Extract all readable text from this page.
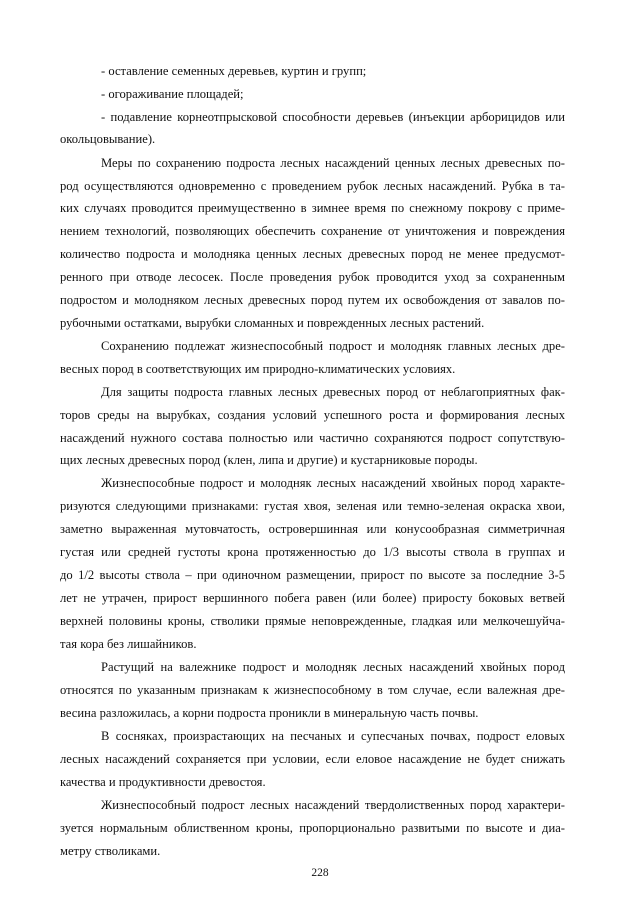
- оставление семенных деревьев, куртин и групп;
- огораживание площадей;
- подавление корнеотпрысковой способности деревьев (инъекции арборицидов или
окольцовывание).
Меры по сохранению подроста лесных насаждений ценных лесных древесных по-
род осуществляются одновременно с проведением рубок лесных насаждений. Рубка в та-
ких случаях проводится преимущественно в зимнее время по снежному покрову с приме-
нением технологий, позволяющих обеспечить сохранение от уничтожения и повреждения
количество подроста и молодняка ценных лесных древесных пород не менее предусмот-
ренного при отводе лесосек. После проведения рубок проводится уход за сохраненным
подростом и молодняком лесных древесных пород путем их освобождения от завалов по-
рубочными остатками, вырубки сломанных и поврежденных лесных растений.
Сохранению подлежат жизнеспособный подрост и молодняк главных лесных дре-
весных пород в соответствующих им природно-климатических условиях.
Для защиты подроста главных лесных древесных пород от неблагоприятных фак-
торов среды на вырубках, создания условий успешного роста и формирования лесных
насаждений нужного состава полностью или частично сохраняются подрост сопутствую-
щих лесных древесных пород (клен, липа и другие) и кустарниковые породы.
Жизнеспособные подрост и молодняк лесных насаждений хвойных пород характе-
ризуются следующими признаками: густая хвоя, зеленая или темно-зеленая окраска хвои,
заметно выраженная мутовчатость, островершинная или конусообразная симметричная
густая или средней густоты крона протяженностью до 1/3 высоты ствола в группах и
до 1/2 высоты ствола – при одиночном размещении, прирост по высоте за последние 3-5
лет не утрачен, прирост вершинного побега равен (или более) приросту боковых ветвей
верхней половины кроны, стволики прямые неповрежденные, гладкая или мелкочешуйча-
тая кора без лишайников.
Растущий на валежнике подрост и молодняк лесных насаждений хвойных пород
относятся по указанным признакам к жизнеспособному в том случае, если валежная дре-
весина разложилась, а корни подроста проникли в минеральную часть почвы.
В сосняках, произрастающих на песчаных и супесчаных почвах, подрост еловых
лесных насаждений сохраняется при условии, если еловое насаждение не будет снижать
качества и продуктивности древостоя.
Жизнеспособный подрост лесных насаждений твердолиственных пород характери-
зуется нормальным облиственном кроны, пропорционально развитыми по высоте и диа-
метру стволиками.
228
